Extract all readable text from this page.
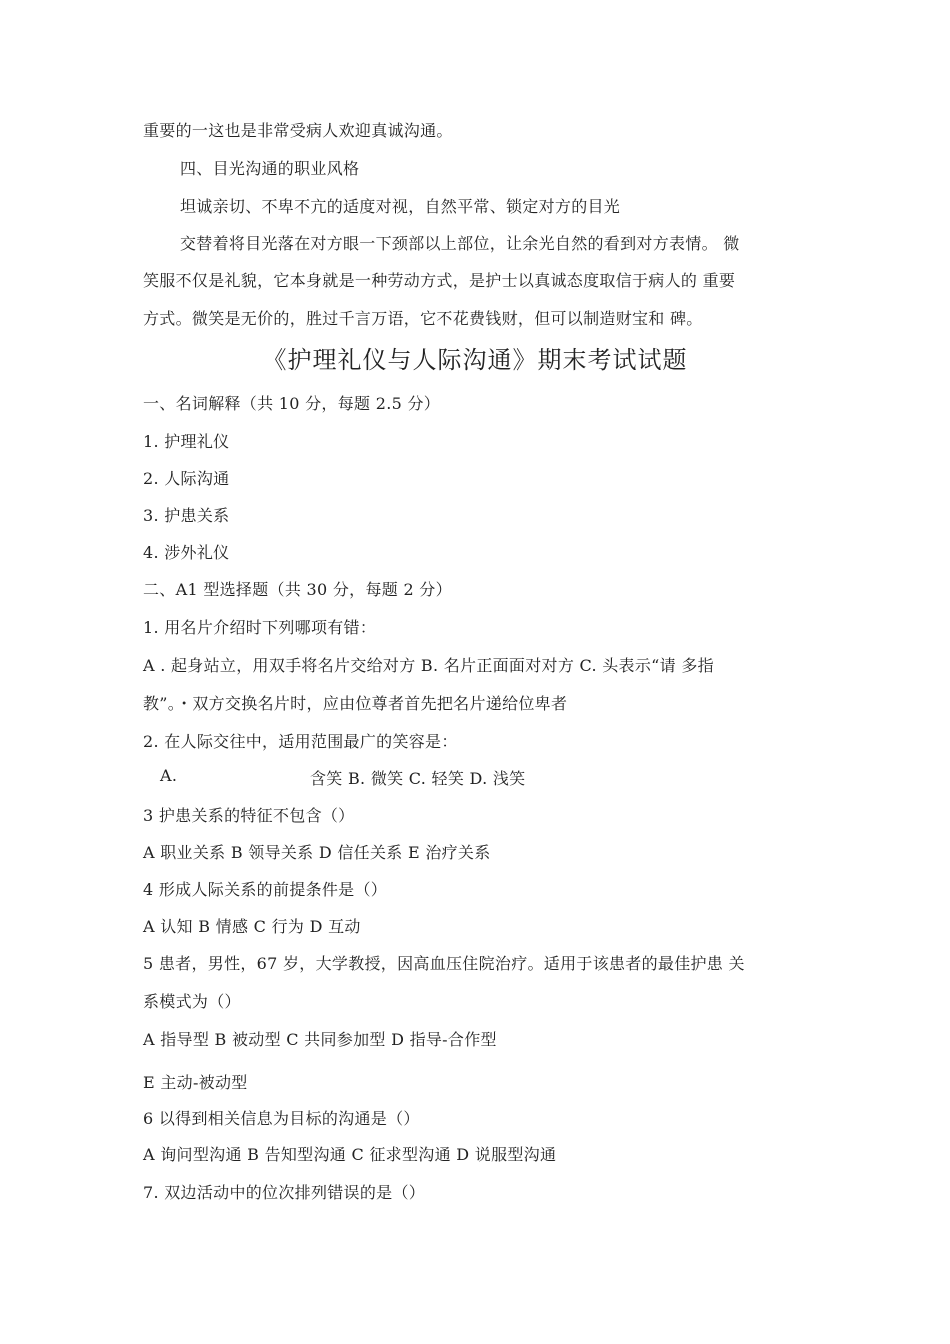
重要的一这也是非常受病人欢迎真诚沟通。
四、目光沟通的职业风格
坦诚亲切、不卑不亢的适度对视，自然平常、锁定对方的目光
交替着将目光落在对方眼一下颈部以上部位，让余光自然的看到对方表情。 微
笑服不仅是礼貌，它本身就是一种劳动方式，是护士以真诚态度取信于病人的 重要
方式。微笑是无价的，胜过千言万语，它不花费钱财，但可以制造财宝和 碑。
《护理礼仪与人际沟通》期末考试试题
一、名词解释（共 10 分，每题 2.5 分）
1. 护理礼仪
2. 人际沟通
3. 护患关系
4. 涉外礼仪
二、A1 型选择题（共 30 分，每题 2 分）
1. 用名片介绍时下列哪项有错：
A . 起身站立，用双手将名片交给对方 B. 名片正面面对对方 C. 头表示“请 多指
教”。・双方交换名片时，应由位尊者首先把名片递给位卑者
2. 在人际交往中，适用范围最广的笑容是：
A.	含笑 B. 微笑 C. 轻笑 D. 浅笑
3 护患关系的特征不包含（）
A 职业关系 B 领导关系 D 信任关系 E 治疗关系
4 形成人际关系的前提条件是（）
A 认知 B 情感 C 行为 D 互动
5 患者，男性，67 岁，大学教授，因高血压住院治疗。适用于该患者的最佳护患 关
系模式为（）
A 指导型 B 被动型 C 共同参加型 D 指导-合作型
E 主动-被动型
6 以得到相关信息为目标的沟通是（）
A 询问型沟通 B 告知型沟通 C 征求型沟通 D 说服型沟通
7. 双边活动中的位次排列错误的是（）
